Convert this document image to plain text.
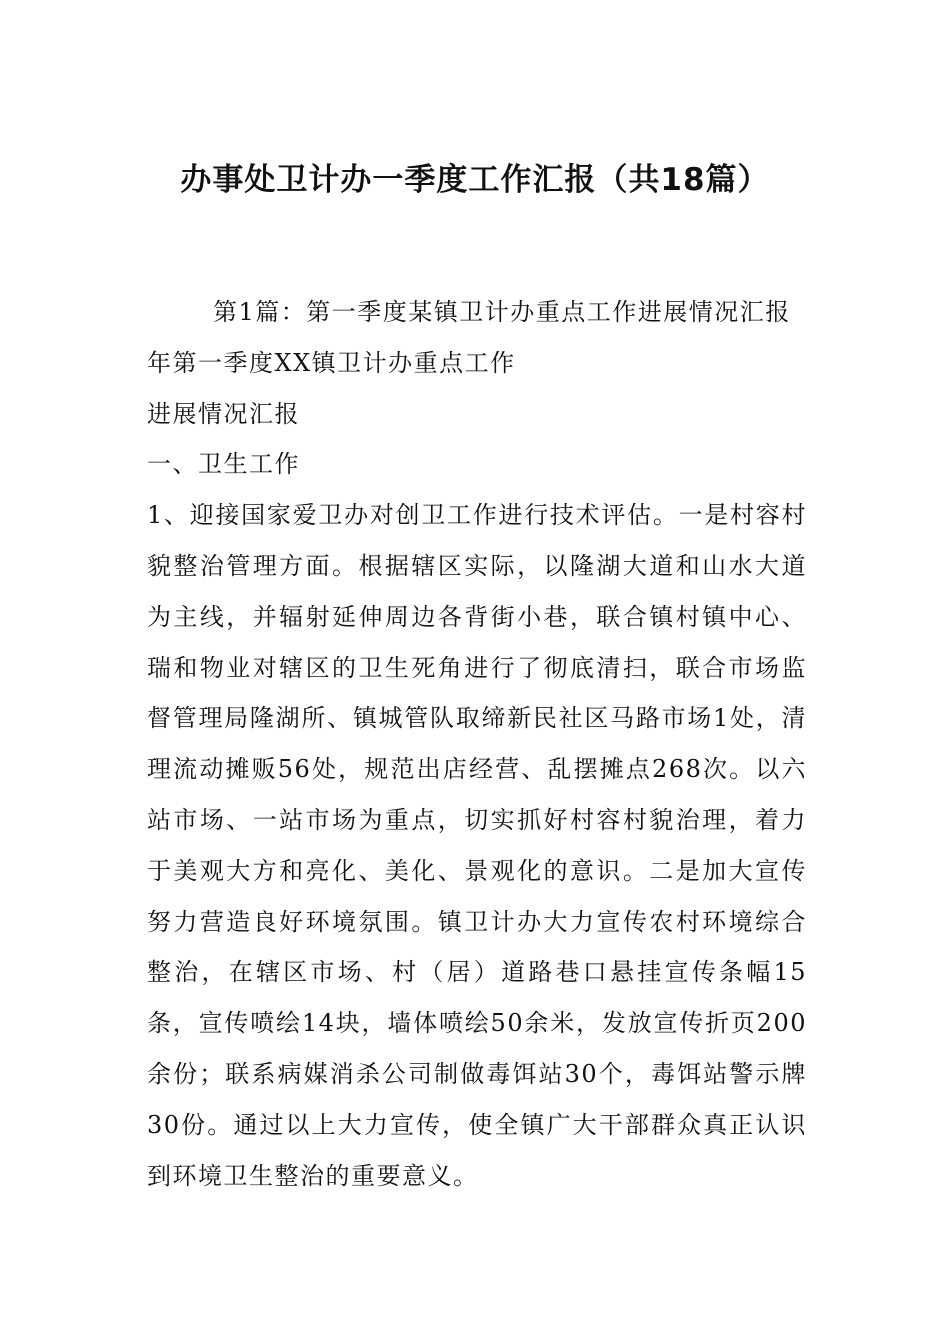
办事处卫计办一季度工作汇报（共18篇）

第1篇：第一季度某镇卫计办重点工作进展情况汇报

年第一季度XX镇卫计办重点工作

进展情况汇报

一、卫生工作

1、迎接国家爱卫办对创卫工作进行技术评估。一是村容村貌整治管理方面。根据辖区实际，以隆湖大道和山水大道为主线，并辐射延伸周边各背街小巷，联合镇村镇中心、瑞和物业对辖区的卫生死角进行了彻底清扫，联合市场监督管理局隆湖所、镇城管队取缔新民社区马路市场1处，清理流动摊贩56处，规范出店经营、乱摆摊点268次。以六站市场、一站市场为重点，切实抓好村容村貌治理，着力于美观大方和亮化、美化、景观化的意识。二是加大宣传努力营造良好环境氛围。镇卫计办大力宣传农村环境综合整治，在辖区市场、村（居）道路巷口悬挂宣传条幅15条，宣传喷绘14块，墙体喷绘50余米，发放宣传折页200余份；联系病媒消杀公司制做毒饵站30个，毒饵站警示牌30份。通过以上大力宣传，使全镇广大干部群众真正认识到环境卫生整治的重要意义。
